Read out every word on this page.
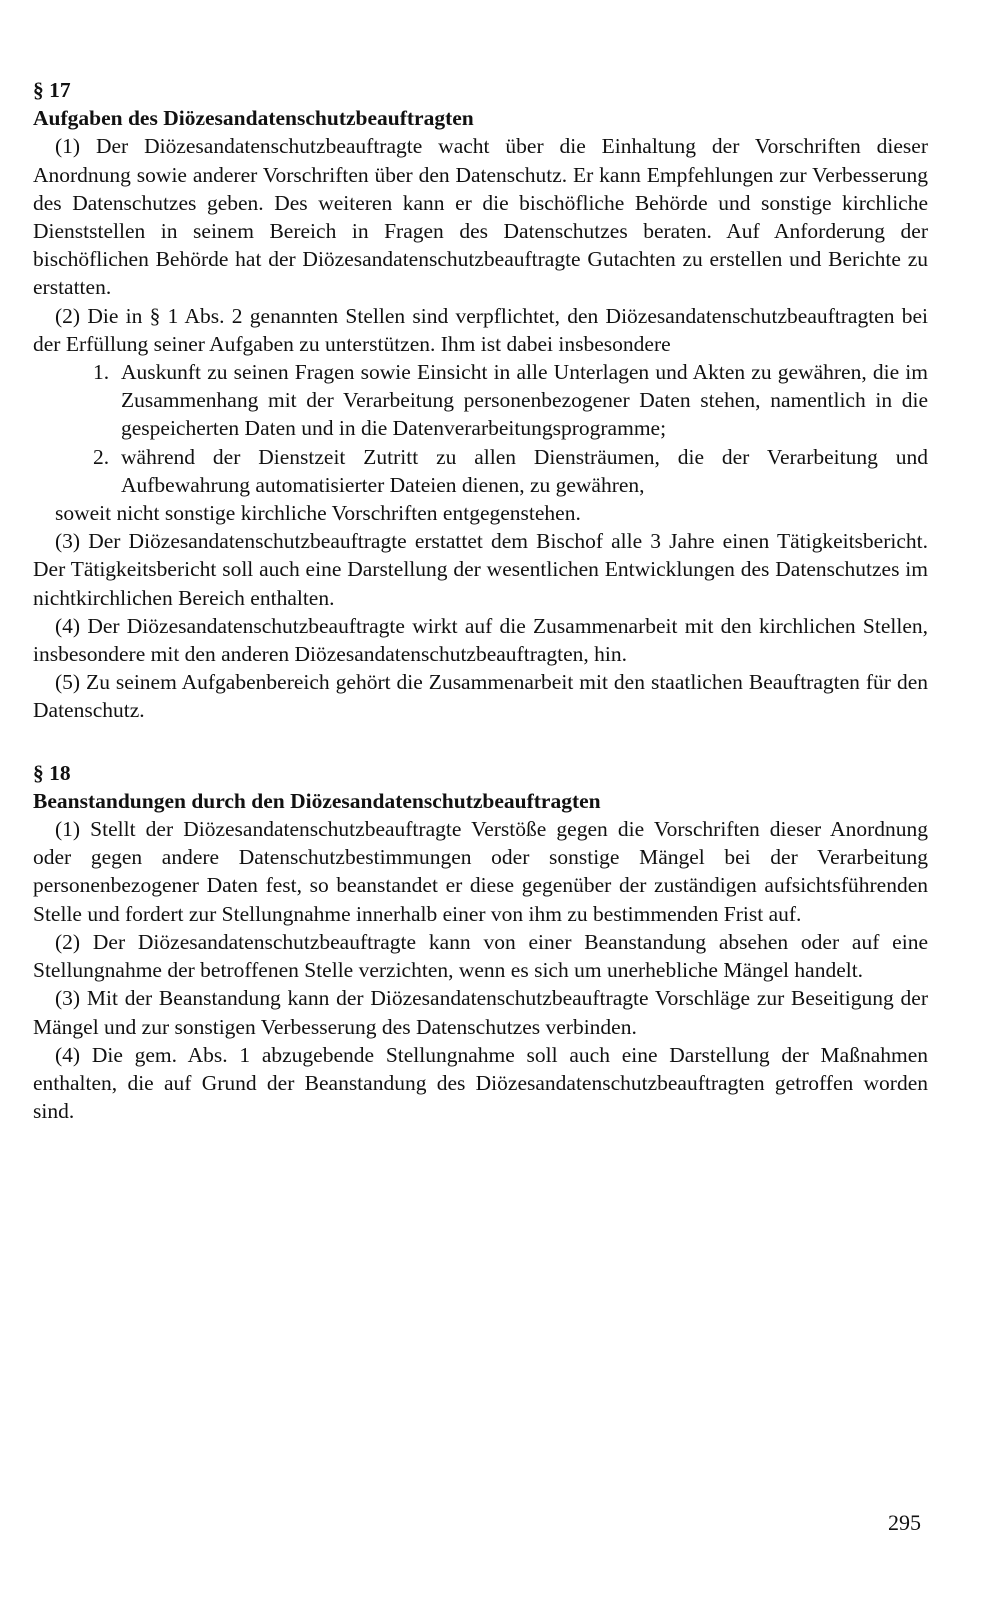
§ 17
Aufgaben des Diözesandatenschutzbeauftragten

(1) Der Diözesandatenschutzbeauftragte wacht über die Einhaltung der Vorschriften dieser Anordnung sowie anderer Vorschriften über den Datenschutz. Er kann Empfehlungen zur Verbesserung des Datenschutzes geben. Des weiteren kann er die bischöfliche Behörde und sonstige kirchliche Dienststellen in seinem Bereich in Fragen des Datenschutzes beraten. Auf Anforderung der bischöflichen Behörde hat der Diözesandatenschutzbeauftragte Gutachten zu erstellen und Berichte zu erstatten.

(2) Die in § 1 Abs. 2 genannten Stellen sind verpflichtet, den Diözesandatenschutzbeauftragten bei der Erfüllung seiner Aufgaben zu unterstützen. Ihm ist dabei insbesondere

1. Auskunft zu seinen Fragen sowie Einsicht in alle Unterlagen und Akten zu gewähren, die im Zusammenhang mit der Verarbeitung personenbezogener Daten stehen, namentlich in die gespeicherten Daten und in die Datenverarbeitungsprogramme;
2. während der Dienstzeit Zutritt zu allen Diensträumen, die der Verarbeitung und Aufbewahrung automatisierter Dateien dienen, zu gewähren,

soweit nicht sonstige kirchliche Vorschriften entgegenstehen.

(3) Der Diözesandatenschutzbeauftragte erstattet dem Bischof alle 3 Jahre einen Tätigkeitsbericht. Der Tätigkeitsbericht soll auch eine Darstellung der wesentlichen Entwicklungen des Datenschutzes im nichtkirchlichen Bereich enthalten.

(4) Der Diözesandatenschutzbeauftragte wirkt auf die Zusammenarbeit mit den kirchlichen Stellen, insbesondere mit den anderen Diözesandatenschutzbeauftragten, hin.

(5) Zu seinem Aufgabenbereich gehört die Zusammenarbeit mit den staatlichen Beauftragten für den Datenschutz.

§ 18
Beanstandungen durch den Diözesandatenschutzbeauftragten

(1) Stellt der Diözesandatenschutzbeauftragte Verstöße gegen die Vorschriften dieser Anordnung oder gegen andere Datenschutzbestimmungen oder sonstige Mängel bei der Verarbeitung personenbezogener Daten fest, so beanstandet er diese gegenüber der zuständigen aufsichtsführenden Stelle und fordert zur Stellungnahme innerhalb einer von ihm zu bestimmenden Frist auf.

(2) Der Diözesandatenschutzbeauftragte kann von einer Beanstandung absehen oder auf eine Stellungnahme der betroffenen Stelle verzichten, wenn es sich um unerhebliche Mängel handelt.

(3) Mit der Beanstandung kann der Diözesandatenschutzbeauftragte Vorschläge zur Beseitigung der Mängel und zur sonstigen Verbesserung des Datenschutzes verbinden.

(4) Die gem. Abs. 1 abzugebende Stellungnahme soll auch eine Darstellung der Maßnahmen enthalten, die auf Grund der Beanstandung des Diözesandatenschutzbeauftragten getroffen worden sind.

295
